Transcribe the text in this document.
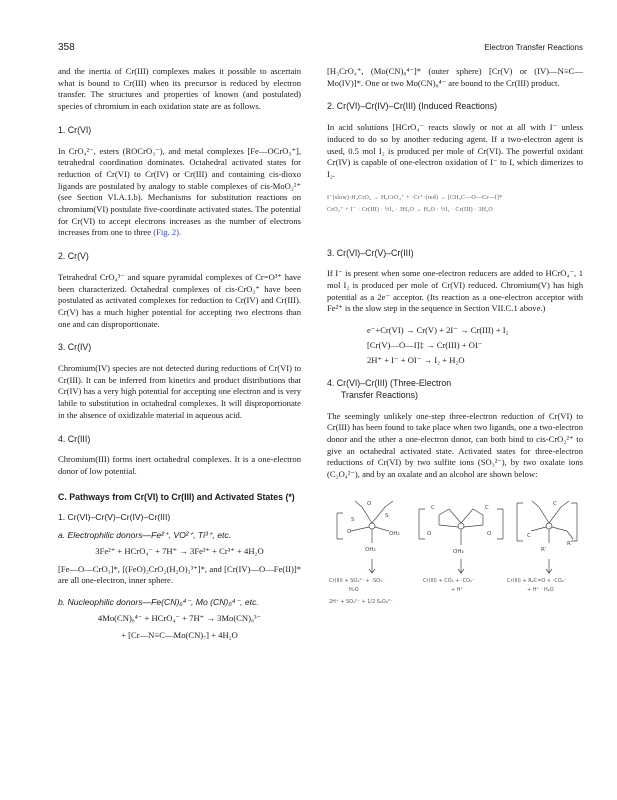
358	Electron Transfer Reactions

and the inertia of Cr(III) complexes makes it possible to ascertain what is bound to Cr(III) when its precursor is reduced by electron transfer. The structures and properties of known (and postulated) species of chromium in each oxidation state are as follows.

1. Cr(VI)

In CrO₄²⁻, esters (ROCrO₃⁻), and metal complexes [Fe—OCrO₃⁺], tetrahedral coordination dominates. Octahedral activated states for reduction of Cr(VI) to Cr(IV) or Cr(III) and containing cis-dioxo ligands are postulated by analogy to stable complexes of cis-MoO₂²⁺ (see Section VI.A.1.b). Mechanisms for substitution reactions on chromium(VI) postulate five-coordinate activated states. The potential for Cr(VI) to accept electrons increases as the number of electrons increases from one to three (Fig. 2).

2. Cr(V)

Tetrahedral CrO₄³⁻ and square pyramidal complexes of Cr=O³⁺ have been characterized. Octahedral complexes of cis-CrO₂⁺ have been postulated as activated complexes for reduction to Cr(IV) and Cr(III). Cr(V) has a much higher potential for accepting two electrons than one and can disproportionate.

3. Cr(IV)

Chromium(IV) species are not detected during reductions of Cr(VI) to Cr(III). It can be inferred from kinetics and product distributions that Cr(IV) has a very high potential for accepting one electron and is very labile to substitution in octahedral complexes. It will disproportionate in the absence of oxidizable material in aqueous acid.

4. Cr(III)

Chromium(III) forms inert octahedral complexes. It is a one-electron donor of low potential.

C. Pathways from Cr(VI) to Cr(III) and Activated States (*)
1. Cr(VI)–Cr(V)–Cr(IV)–Cr(III)
a. Electrophilic donors—Fe²⁺, VO²⁺, Ti³⁺, etc.
3Fe²⁺ + HCrO₄⁻ + 7H⁺ → 3Fe³⁺ + Cr³⁺ + 4H₂O

[Fe—O—CrO₃]*, [(FeO)₂CrO₂(H₂O)₂³⁺]*, and [Cr(IV)—O—Fe(II)]* are all one-electron, inner sphere.

b. Nucleophilic donors—Fe(CN)₆⁴⁻, Mo (CN)₈⁴⁻, etc.
4Mo(CN)₈⁴⁻ + HCrO₄⁻ + 7H⁺ → 3Mo(CN)₈³⁻
+ [Cr—N≡C—Mo(CN)₇] + 4H₂O

[H₃CrO₄⁺, (Mo(CN)₈⁴⁻]* (outer sphere) [Cr(V) or (IV)—N≡C—Mo(IV)]*. One or two Mo(CN)₈⁴⁻ are bound to the Cr(III) product.

2. Cr(VI)–Cr(IV)–Cr(III) (Induced Reactions)

In acid solutions [HCrO₄⁻ reacts slowly or not at all with I⁻ unless induced to do so by another reducing agent. If a two-electron agent is used, 0.5 mol I₂ is produced per mole of Cr(VI). The powerful oxidant Cr(IV) is capable of one-electron oxidation of I⁻ to I, which dimerizes to I₂.

I⁻(slow)·H₃CrO₄ → H₃CrO₄⁺ + ·Cr⁺·(red) → [CH₃C—O—Cr—I]*
CrO₂⁺ + I⁻ · Cr(III) · ½I₂ · 3H₂O → H₂O · ½I₂ · Cr(III) · 3H₂O
3. Cr(VI)–Cr(V)–Cr(III)

If I⁻ is present when some one-electron reducers are added to HCrO₄⁻, 1 mol I₂ is produced per mole of Cr(VI) reduced. Chromium(V) has high potential as a 2e⁻ acceptor. (Its reaction as a one-electron acceptor with Fe²⁺ is the slow step in the sequence in Section VII.C.1 above.)

e⁻+Cr(VI) → Cr(V) + 2I⁻ → Cr(III) + I₂
[Cr(V)—O—I]‡ → Cr(III) + OI⁻
2H⁺ + I⁻ + OI⁻ → I₂ + H₂O
4. Cr(VI)–Cr(III) (Three-Electron
Transfer Reactions)

The seemingly unlikely one-step three-electron reduction of Cr(VI) to Cr(III) has been found to take place when two ligands, one a two-electron donor and the other a one-electron donor, can both bind to cis-CrO₂²⁺ to give an octahedral activated state. Activated states for three-electron reductions of Cr(VI) by two sulfite ions (SO₃²⁻), by two oxalate ions (C₂O₄²⁻), and by an oxalate and an alcohol are shown below:

O
O	OH₂
OH₂
S
S
C	C
OH₂
O	O
C
C
R
R'
Cr(III) + SO₄²⁻ + ·SO₃⁻	Cr(III) + CO₂ + ·CO₂⁻	Cr(III) + R₂C=O + ·CO₂⁻
H₂O	+ H⁺	+ H⁺ · H₂O
2H⁺ + SO₄²⁻ + 1/2 S₂O₆²⁻
